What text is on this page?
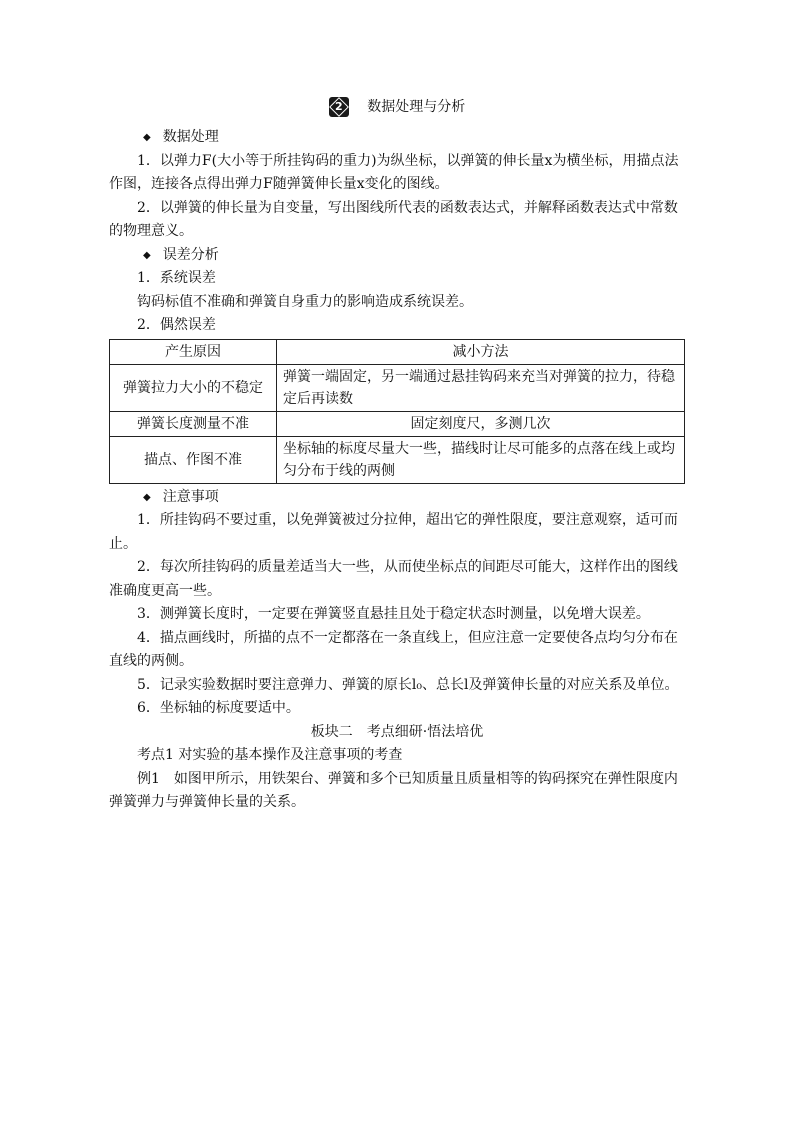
2	数据处理与分析
◆ 数据处理

1．以弹力F(大小等于所挂钩码的重力)为纵坐标，以弹簧的伸长量x为横坐标，用描点法作图，连接各点得出弹力F随弹簧伸长量x变化的图线。

2．以弹簧的伸长量为自变量，写出图线所代表的函数表达式，并解释函数表达式中常数的物理意义。

◆ 误差分析
1．系统误差
钩码标值不准确和弹簧自身重力的影响造成系统误差。
2．偶然误差
产生原因	减小方法
弹簧拉力大小的不稳定	弹簧一端固定，另一端通过悬挂钩码来充当对弹簧的拉力，待稳定后再读数
弹簧长度测量不准	固定刻度尺，多测几次
描点、作图不准	坐标轴的标度尽量大一些，描线时让尽可能多的点落在线上或均匀分布于线的两侧
◆ 注意事项

1．所挂钩码不要过重，以免弹簧被过分拉伸，超出它的弹性限度，要注意观察，适可而止。

2．每次所挂钩码的质量差适当大一些，从而使坐标点的间距尽可能大，这样作出的图线准确度更高一些。

3．测弹簧长度时，一定要在弹簧竖直悬挂且处于稳定状态时测量，以免增大误差。

4．描点画线时，所描的点不一定都落在一条直线上，但应注意一定要使各点均匀分布在直线的两侧。

5．记录实验数据时要注意弹力、弹簧的原长l₀、总长l及弹簧伸长量的对应关系及单位。

6．坐标轴的标度要适中。

板块二　考点细研·悟法培优
考点1 对实验的基本操作及注意事项的考查

例1　如图甲所示，用铁架台、弹簧和多个已知质量且质量相等的钩码探究在弹性限度内弹簧弹力与弹簧伸长量的关系。
